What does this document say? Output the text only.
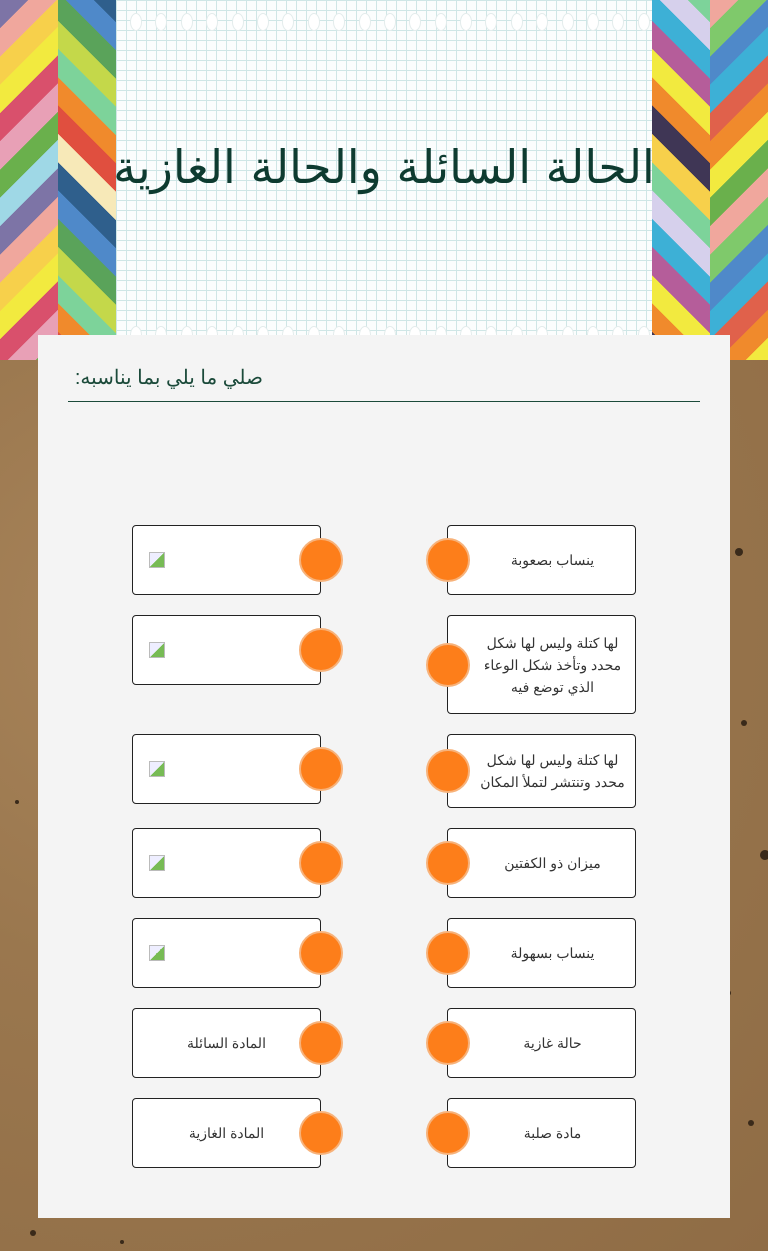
الحالة السائلة والحالة الغازية
صلي ما يلي بما يناسبه:
ينساب بصعوبة
لها كتلة وليس لها شكل محدد وتأخذ شكل الوعاء الذي توضع فيه
لها كتلة وليس لها شكل محدد وتنتشر لتملأ المكان
ميزان ذو الكفتين
ينساب بسهولة
المادة السائلة	حالة غازية
المادة الغازية	مادة صلبة
